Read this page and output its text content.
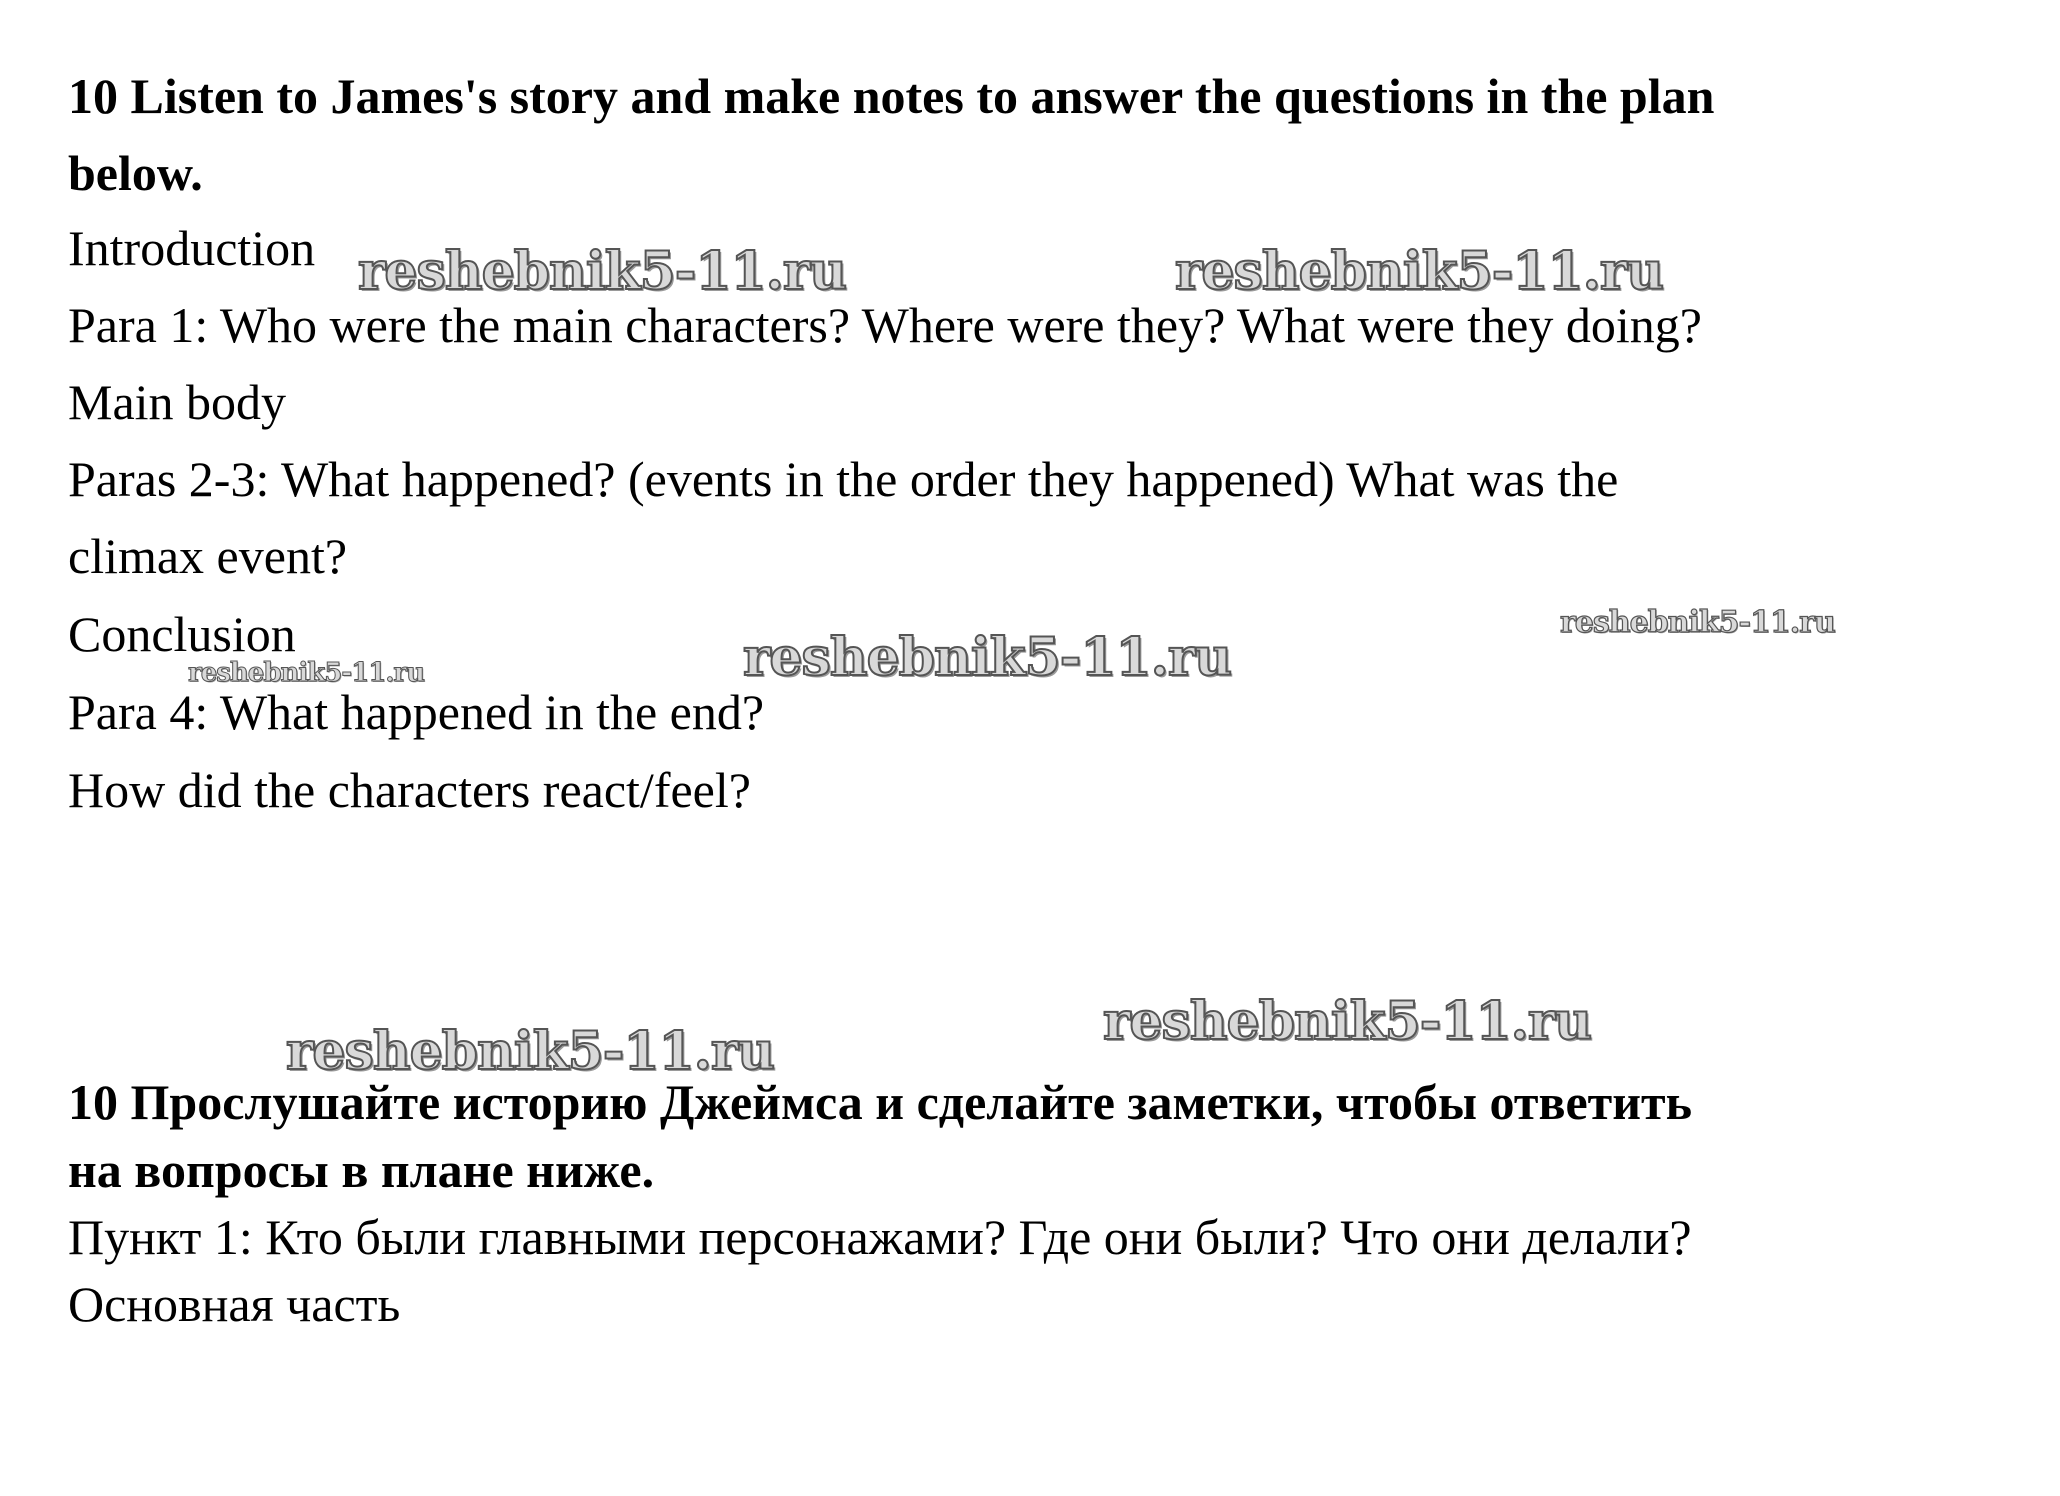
10 Listen to James's story and make notes to answer the questions in the plan

below.

Introduction

Para 1: Who were the main characters? Where were they? What were they doing?

Main body

Paras 2-3: What happened? (events in the order they happened) What was the

climax event?

Conclusion

Para 4: What happened in the end?

How did the characters react/feel?

10 Прослушайте историю Джеймса и сделайте заметки, чтобы ответить

на вопросы в плане ниже.

Пункт 1: Кто были главными персонажами? Где они были? Что они делали?

Основная часть

reshebnik5-11.ru	reshebnik5-11.ru
reshebnik5-11.ru
reshebnik5-11.ru
reshebnik5-11.ru
reshebnik5-11.ru
reshebnik5-11.ru
